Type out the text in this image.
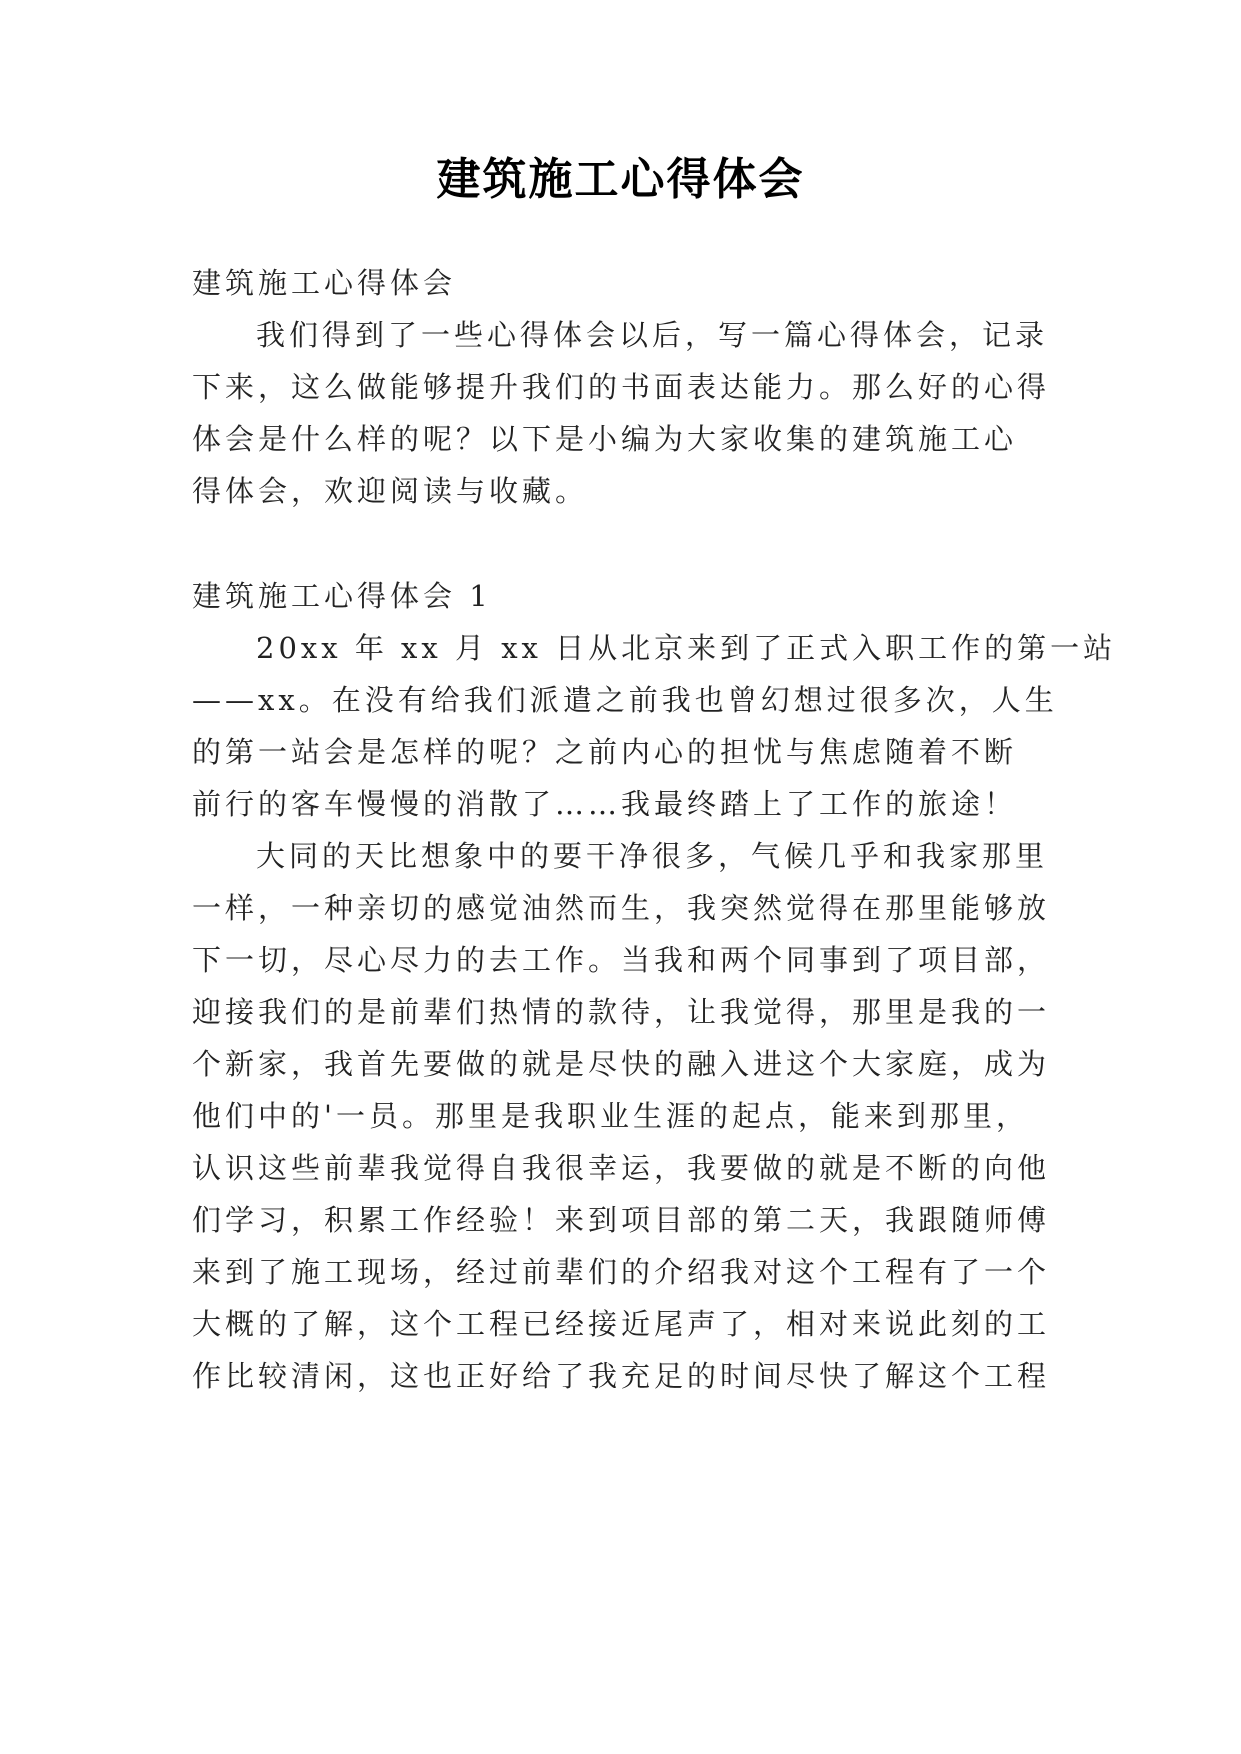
建筑施工心得体会
建筑施工心得体会
我们得到了一些心得体会以后，写一篇心得体会，记录
下来，这么做能够提升我们的书面表达能力。那么好的心得
体会是什么样的呢？以下是小编为大家收集的建筑施工心
得体会，欢迎阅读与收藏。
建筑施工心得体会 1
20xx 年 xx 月 xx 日从北京来到了正式入职工作的第一站
——xx。在没有给我们派遣之前我也曾幻想过很多次，人生
的第一站会是怎样的呢？之前内心的担忧与焦虑随着不断
前行的客车慢慢的消散了……我最终踏上了工作的旅途！
大同的天比想象中的要干净很多，气候几乎和我家那里
一样，一种亲切的感觉油然而生，我突然觉得在那里能够放
下一切，尽心尽力的去工作。当我和两个同事到了项目部，
迎接我们的是前辈们热情的款待，让我觉得，那里是我的一
个新家，我首先要做的就是尽快的融入进这个大家庭，成为
他们中的'一员。那里是我职业生涯的起点，能来到那里，
认识这些前辈我觉得自我很幸运，我要做的就是不断的向他
们学习，积累工作经验！来到项目部的第二天，我跟随师傅
来到了施工现场，经过前辈们的介绍我对这个工程有了一个
大概的了解，这个工程已经接近尾声了，相对来说此刻的工
作比较清闲，这也正好给了我充足的时间尽快了解这个工程
